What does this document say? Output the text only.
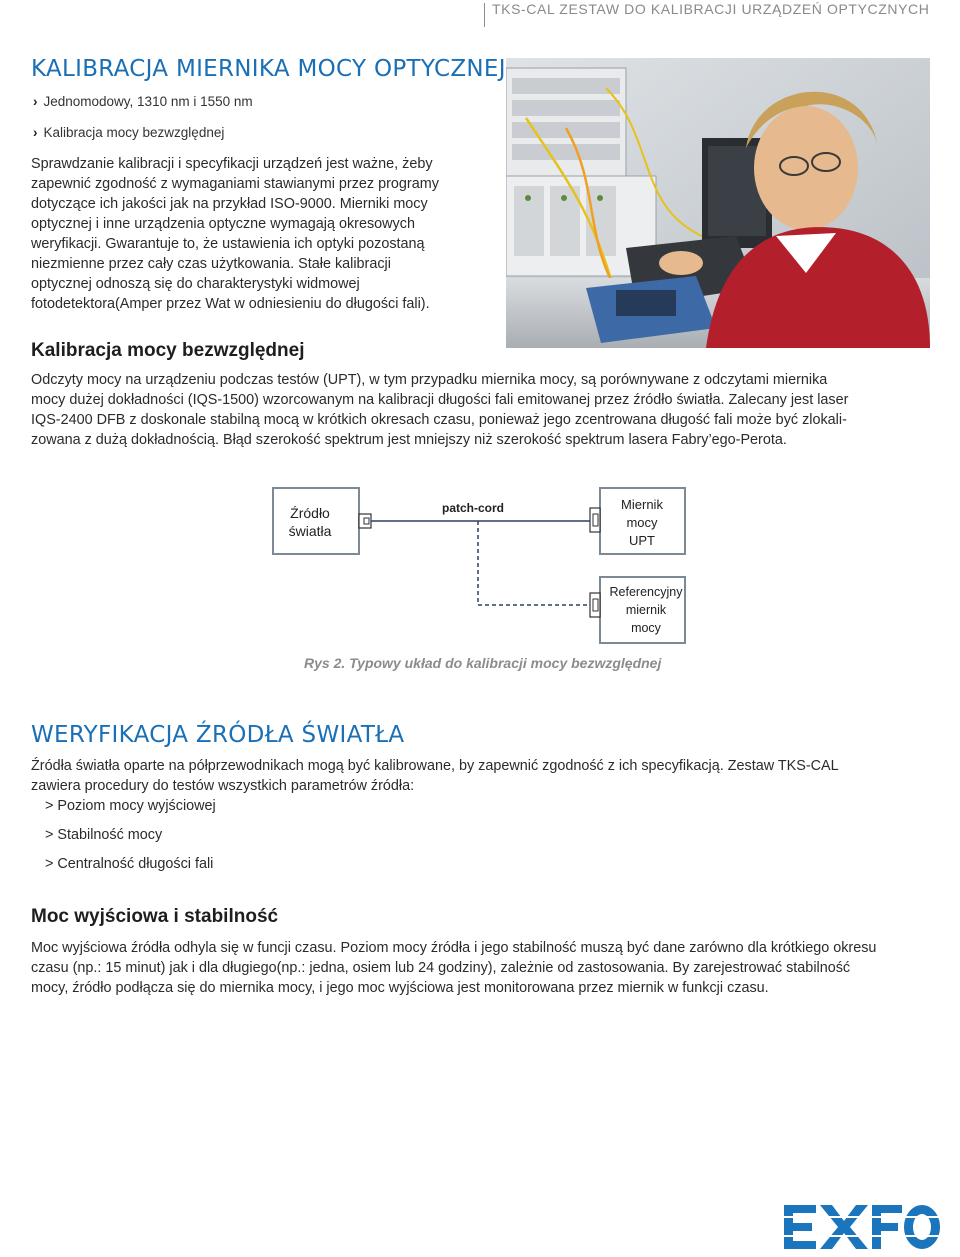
TKS-CAL ZESTAW DO KALIBRACJI URZĄDZEŃ OPTYCZNYCH
KALIBRACJA MIERNIKA MOCY OPTYCZNEJ
› Jednomodowy, 1310 nm i 1550 nm
› Kalibracja mocy bezwzględnej
Sprawdzanie kalibracji i specyfikacji urządzeń jest ważne, żeby
zapewnić zgodność z wymaganiami stawianymi przez programy
dotyczące ich jakości jak na przykład ISO-9000. Mierniki mocy
optycznej i inne urządzenia optyczne wymagają okresowych
weryfikacji. Gwarantuje to, że ustawienia ich optyki pozostaną
niezmienne przez cały czas użytkowania. Stałe kalibracji
optycznej odnoszą się do charakterystyki widmowej
fotodetektora(Amper przez Wat w odniesieniu do długości fali).
Kalibracja mocy bezwzględnej
Odczyty mocy na urządzeniu podczas testów (UPT), w tym przypadku miernika mocy, są porównywane z odczytami miernika
mocy dużej dokładności (IQS-1500) wzorcowanym na kalibracji długości fali emitowanej przez źródło światła. Zalecany jest laser
IQS-2400 DFB z doskonale stabilną mocą w krótkich okresach czasu, ponieważ jego zcentrowana długość fali może być zlokali-
zowana z dużą dokładnością. Błąd szerokość spektrum jest mniejszy niż szerokość spektrum lasera Fabry’ego-Perota.
Źródło
światła
patch-cord	Miernik
mocy
UPT
Referencyjny
miernik
mocy
Rys 2. Typowy układ do kalibracji mocy bezwzględnej
WERYFIKACJA ŹRÓDŁA ŚWIATŁA
Źródła światła oparte na półprzewodnikach mogą być kalibrowane, by zapewnić zgodność z ich specyfikacją. Zestaw TKS-CAL
zawiera procedury do testów wszystkich parametrów źródła:
> Poziom mocy wyjściowej
> Stabilność mocy
> Centralność długości fali
Moc wyjściowa i stabilność
Moc wyjściowa źródła odhyla się w funcji czasu. Poziom mocy źródła i jego stabilność muszą być dane zarówno dla krótkiego okresu
czasu (np.: 15 minut) jak i dla długiego(np.: jedna, osiem lub 24 godziny), zależnie od zastosowania. By zarejestrować stabilność
mocy, źródło podłącza się do miernika mocy, i jego moc wyjściowa jest monitorowana przez miernik w funkcji czasu.
